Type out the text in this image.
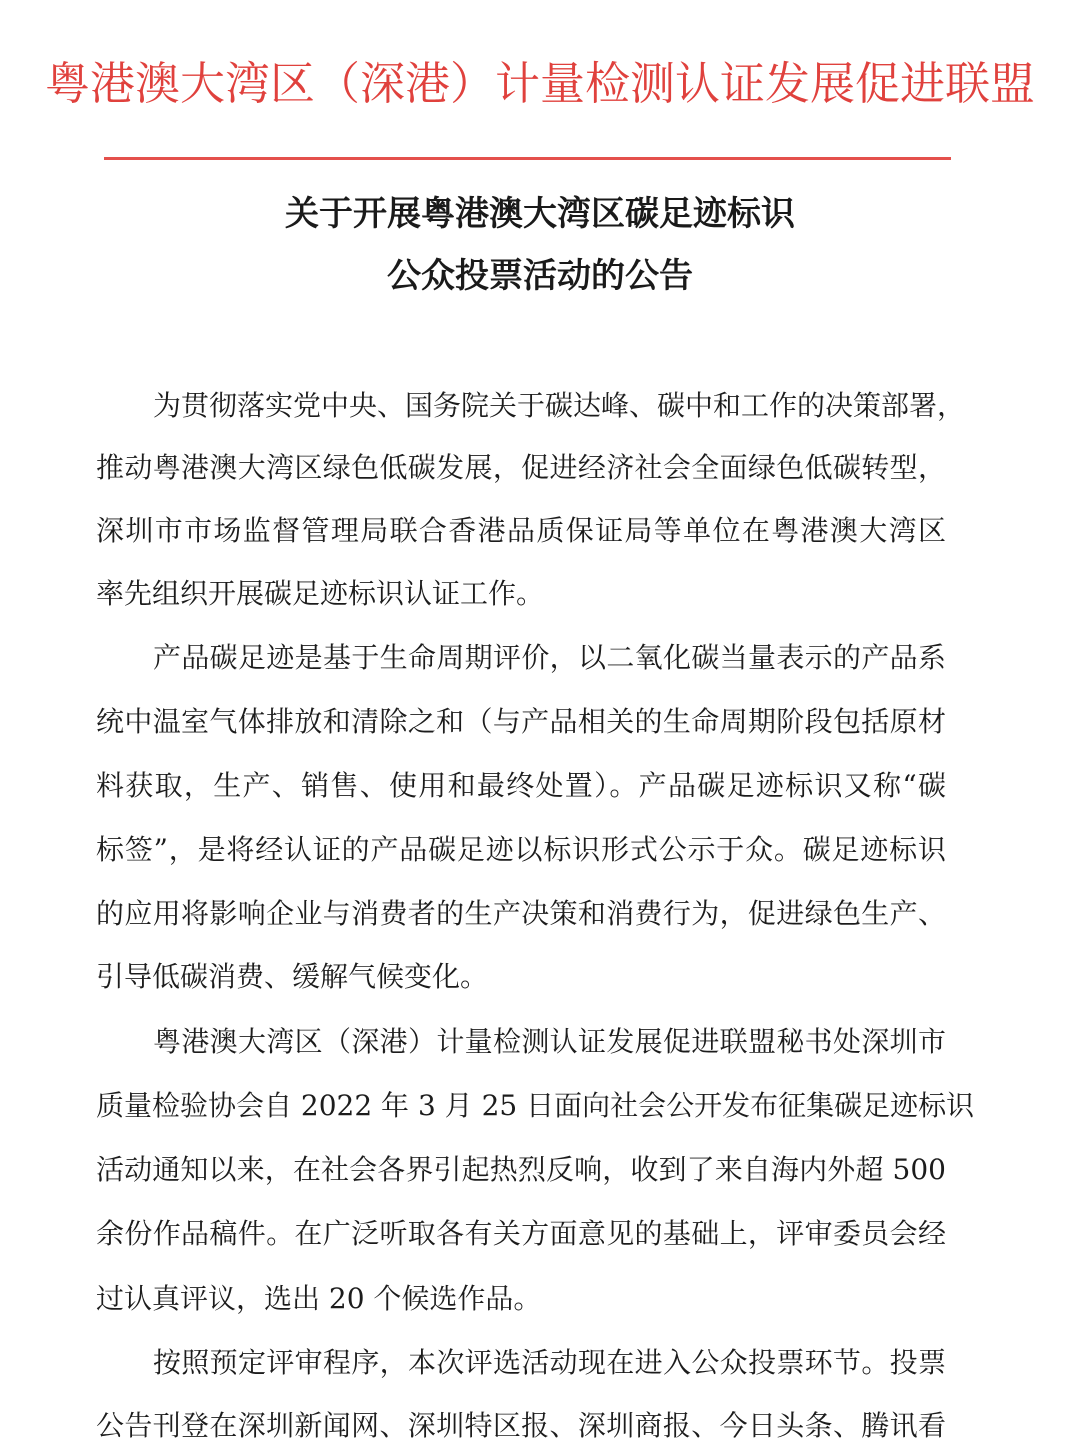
粤港澳大湾区（深港）计量检测认证发展促进联盟
关于开展粤港澳大湾区碳足迹标识
公众投票活动的公告
为贯彻落实党中央、国务院关于碳达峰、碳中和工作的决策部署，
推动粤港澳大湾区绿色低碳发展，促进经济社会全面绿色低碳转型，
深圳市市场监督管理局联合香港品质保证局等单位在粤港澳大湾区
率先组织开展碳足迹标识认证工作。
产品碳足迹是基于生命周期评价，以二氧化碳当量表示的产品系
统中温室气体排放和清除之和（与产品相关的生命周期阶段包括原材
料获取，生产、销售、使用和最终处置）。产品碳足迹标识又称“碳
标签”，是将经认证的产品碳足迹以标识形式公示于众。碳足迹标识
的应用将影响企业与消费者的生产决策和消费行为，促进绿色生产、
引导低碳消费、缓解气候变化。
粤港澳大湾区（深港）计量检测认证发展促进联盟秘书处深圳市
质量检验协会自 2022 年 3 月 25 日面向社会公开发布征集碳足迹标识
活动通知以来，在社会各界引起热烈反响，收到了来自海内外超 500
余份作品稿件。在广泛听取各有关方面意见的基础上，评审委员会经
过认真评议，选出 20 个候选作品。
按照预定评审程序，本次评选活动现在进入公众投票环节。投票
公告刊登在深圳新闻网、深圳特区报、深圳商报、今日头条、腾讯看
